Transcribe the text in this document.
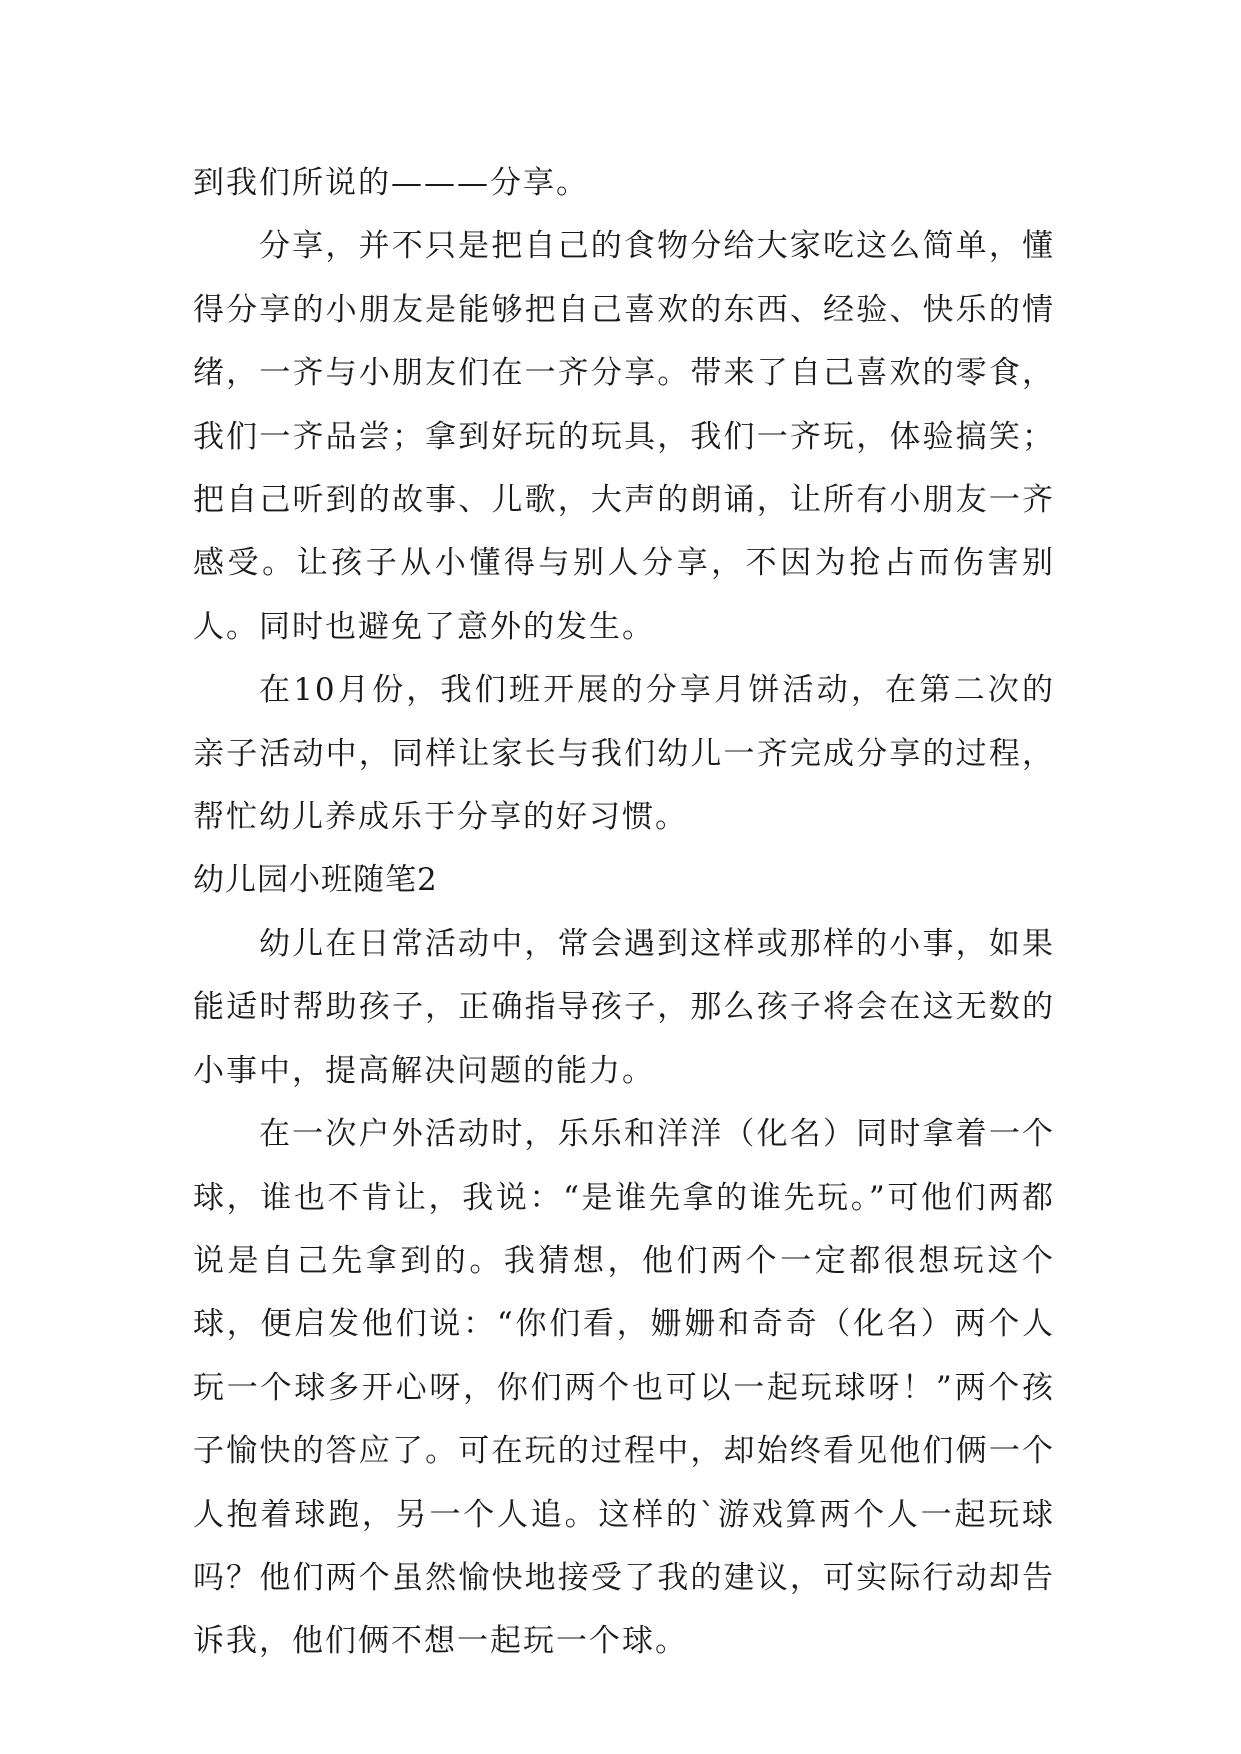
到我们所说的———分享。

分享，并不只是把自己的食物分给大家吃这么简单，懂得分享的小朋友是能够把自己喜欢的东西、经验、快乐的情绪，一齐与小朋友们在一齐分享。带来了自己喜欢的零食，我们一齐品尝；拿到好玩的玩具，我们一齐玩，体验搞笑；把自己听到的故事、儿歌，大声的朗诵，让所有小朋友一齐感受。让孩子从小懂得与别人分享，不因为抢占而伤害别人。同时也避免了意外的发生。

在10月份，我们班开展的分享月饼活动，在第二次的亲子活动中，同样让家长与我们幼儿一齐完成分享的过程，帮忙幼儿养成乐于分享的好习惯。

幼儿园小班随笔2

幼儿在日常活动中，常会遇到这样或那样的小事，如果能适时帮助孩子，正确指导孩子，那么孩子将会在这无数的小事中，提高解决问题的能力。

在一次户外活动时，乐乐和洋洋（化名）同时拿着一个球，谁也不肯让，我说：“是谁先拿的谁先玩。”可他们两都说是自己先拿到的。我猜想，他们两个一定都很想玩这个球，便启发他们说：“你们看，姗姗和奇奇（化名）两个人玩一个球多开心呀，你们两个也可以一起玩球呀！”两个孩子愉快的答应了。可在玩的过程中，却始终看见他们俩一个人抱着球跑，另一个人追。这样的`游戏算两个人一起玩球吗？他们两个虽然愉快地接受了我的建议，可实际行动却告诉我，他们俩不想一起玩一个球。
